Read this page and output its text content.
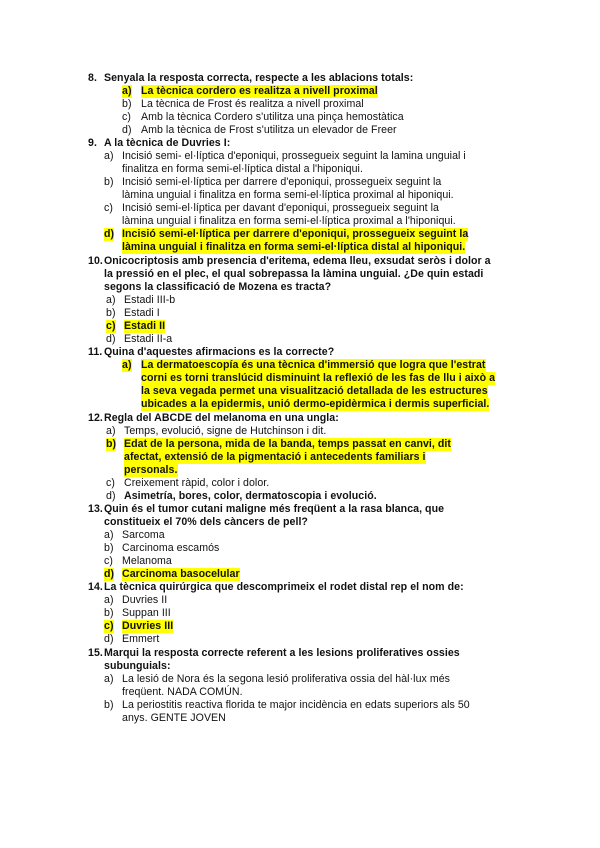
8. Senyala la resposta correcta, respecte a les ablacions totals:
a) La tècnica cordero es realitza a nivell proximal
b) La tècnica de Frost és realitza a nivell proximal
c) Amb la tècnica Cordero s'utilitza una pinça hemostàtica
d) Amb la tècnica de Frost s'utilitza un elevador de Freer
9. A la tècnica de Duvries I:
a) Incisió semi- el·líptica d'eponiqui, prossegueix seguint la lamina unguial i
finalitza en forma semi-el·líptica distal a l'hiponiqui.
b) Incisió semi-el·líptica per darrere d'eponiqui, prossegueix seguint la
làmina unguial i finalitza en forma semi-el·líptica proximal al hiponiqui.
c) Incisió semi-el·líptica per davant d'eponiqui, prossegueix seguint la
làmina unguial i finalitza en forma semi-el·líptica proximal a l'hiponiqui.
d) Incisió semi-el·líptica per darrere d'eponiqui, prossegueix seguint la
làmina unguial i finalitza en forma semi-el·líptica distal al hiponiqui.
10. Onicocriptosis amb presencia d'eritema, edema lleu, exsudat seròs i dolor a
la pressió en el plec, el qual sobrepassa la làmina unguial. ¿De quin estadi
segons la classificació de Mozena es tracta?
a) Estadi III-b
b) Estadi I
c) Estadi II
d) Estadi II-a
11. Quina d'aquestes afirmacions es la correcte?
a) La dermatoescopía és una tècnica d'immersió que logra que l'estrat
corni es torni translúcid disminuint la reflexió de les fas de llu i això a
la seva vegada permet una visualització detallada de les estructures
ubicades a la epidermis, unió dermo-epidèrmica i dermis superficial.
12. Regla del ABCDE del melanoma en una ungla:
a) Temps, evolució, signe de Hutchinson i dit.
b) Edat de la persona, mida de la banda, temps passat en canvi, dit
afectat, extensió de la pigmentació i antecedents familiars i
personals.
c) Creixement ràpid, color i dolor.
d) Asimetría, bores, color, dermatoscopia i evolució.
13. Quin és el tumor cutani maligne més freqüent a la rasa blanca, que
constitueix el 70% dels càncers de pell?
a) Sarcoma
b) Carcinoma escamós
c) Melanoma
d) Carcinoma basocelular
14. La tècnica quirúrgica que descomprimeix el rodet distal rep el nom de:
a) Duvries II
b) Suppan III
c) Duvries III
d) Emmert
15. Marqui la resposta correcte referent a les lesions proliferatives ossies
subunguials:
a) La lesió de Nora és la segona lesió proliferativa ossia del hàl·lux més
freqüent. NADA COMÚN.
b) La periostitis reactiva florida te major incidència en edats superiors als 50
anys. GENTE JOVEN
